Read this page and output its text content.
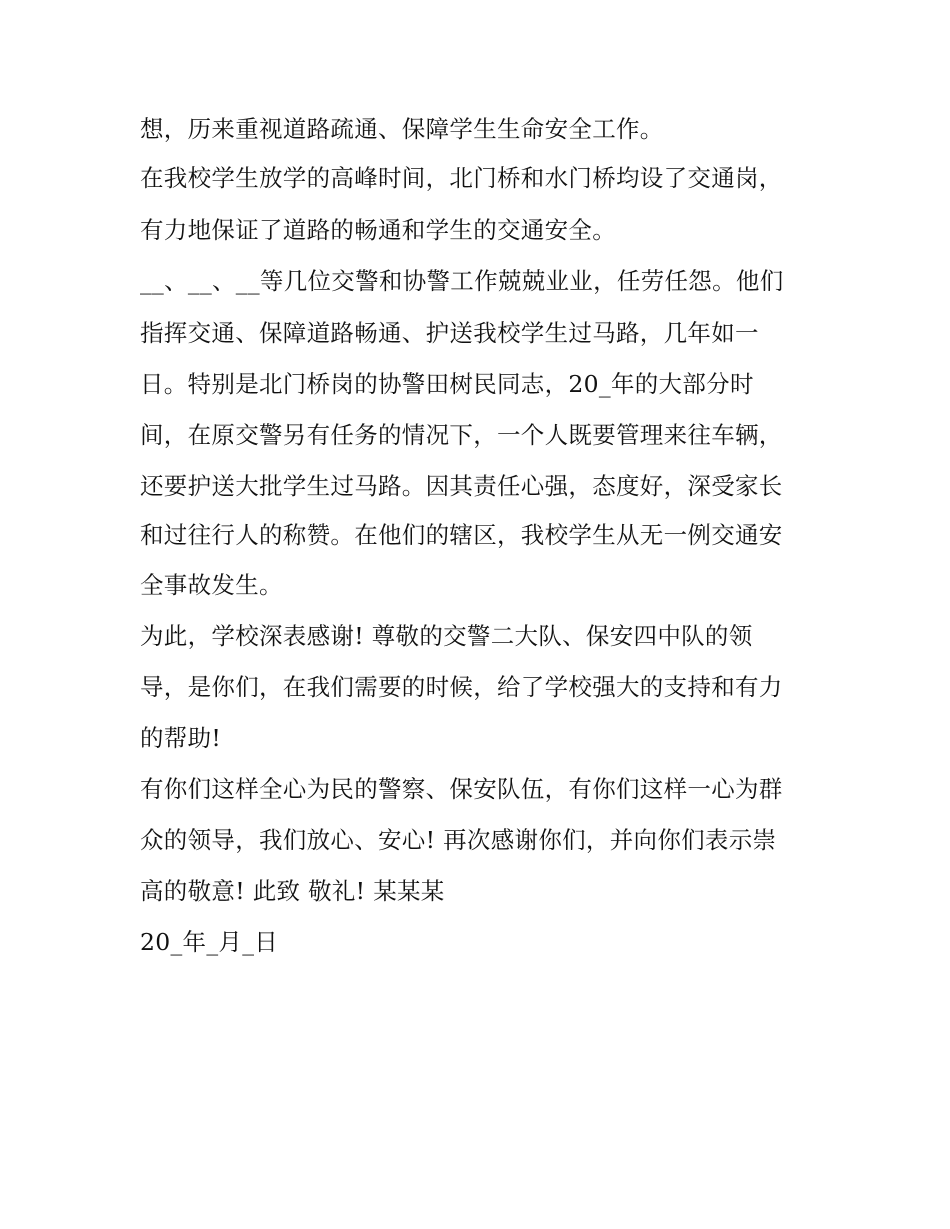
想，历来重视道路疏通、保障学生生命安全工作。
在我校学生放学的高峰时间，北门桥和水门桥均设了交通岗，
有力地保证了道路的畅通和学生的交通安全。
__、__、__等几位交警和协警工作兢兢业业，任劳任怨。他们
指挥交通、保障道路畅通、护送我校学生过马路，几年如一
日。特别是北门桥岗的协警田树民同志，20_年的大部分时
间，在原交警另有任务的情况下，一个人既要管理来往车辆，
还要护送大批学生过马路。因其责任心强，态度好，深受家长
和过往行人的称赞。在他们的辖区，我校学生从无一例交通安
全事故发生。
为此，学校深表感谢! 尊敬的交警二大队、保安四中队的领
导，是你们，在我们需要的时候，给了学校强大的支持和有力
的帮助!
有你们这样全心为民的警察、保安队伍，有你们这样一心为群
众的领导，我们放心、安心! 再次感谢你们，并向你们表示崇
高的敬意! 此致 敬礼! 某某某
20_年_月_日
